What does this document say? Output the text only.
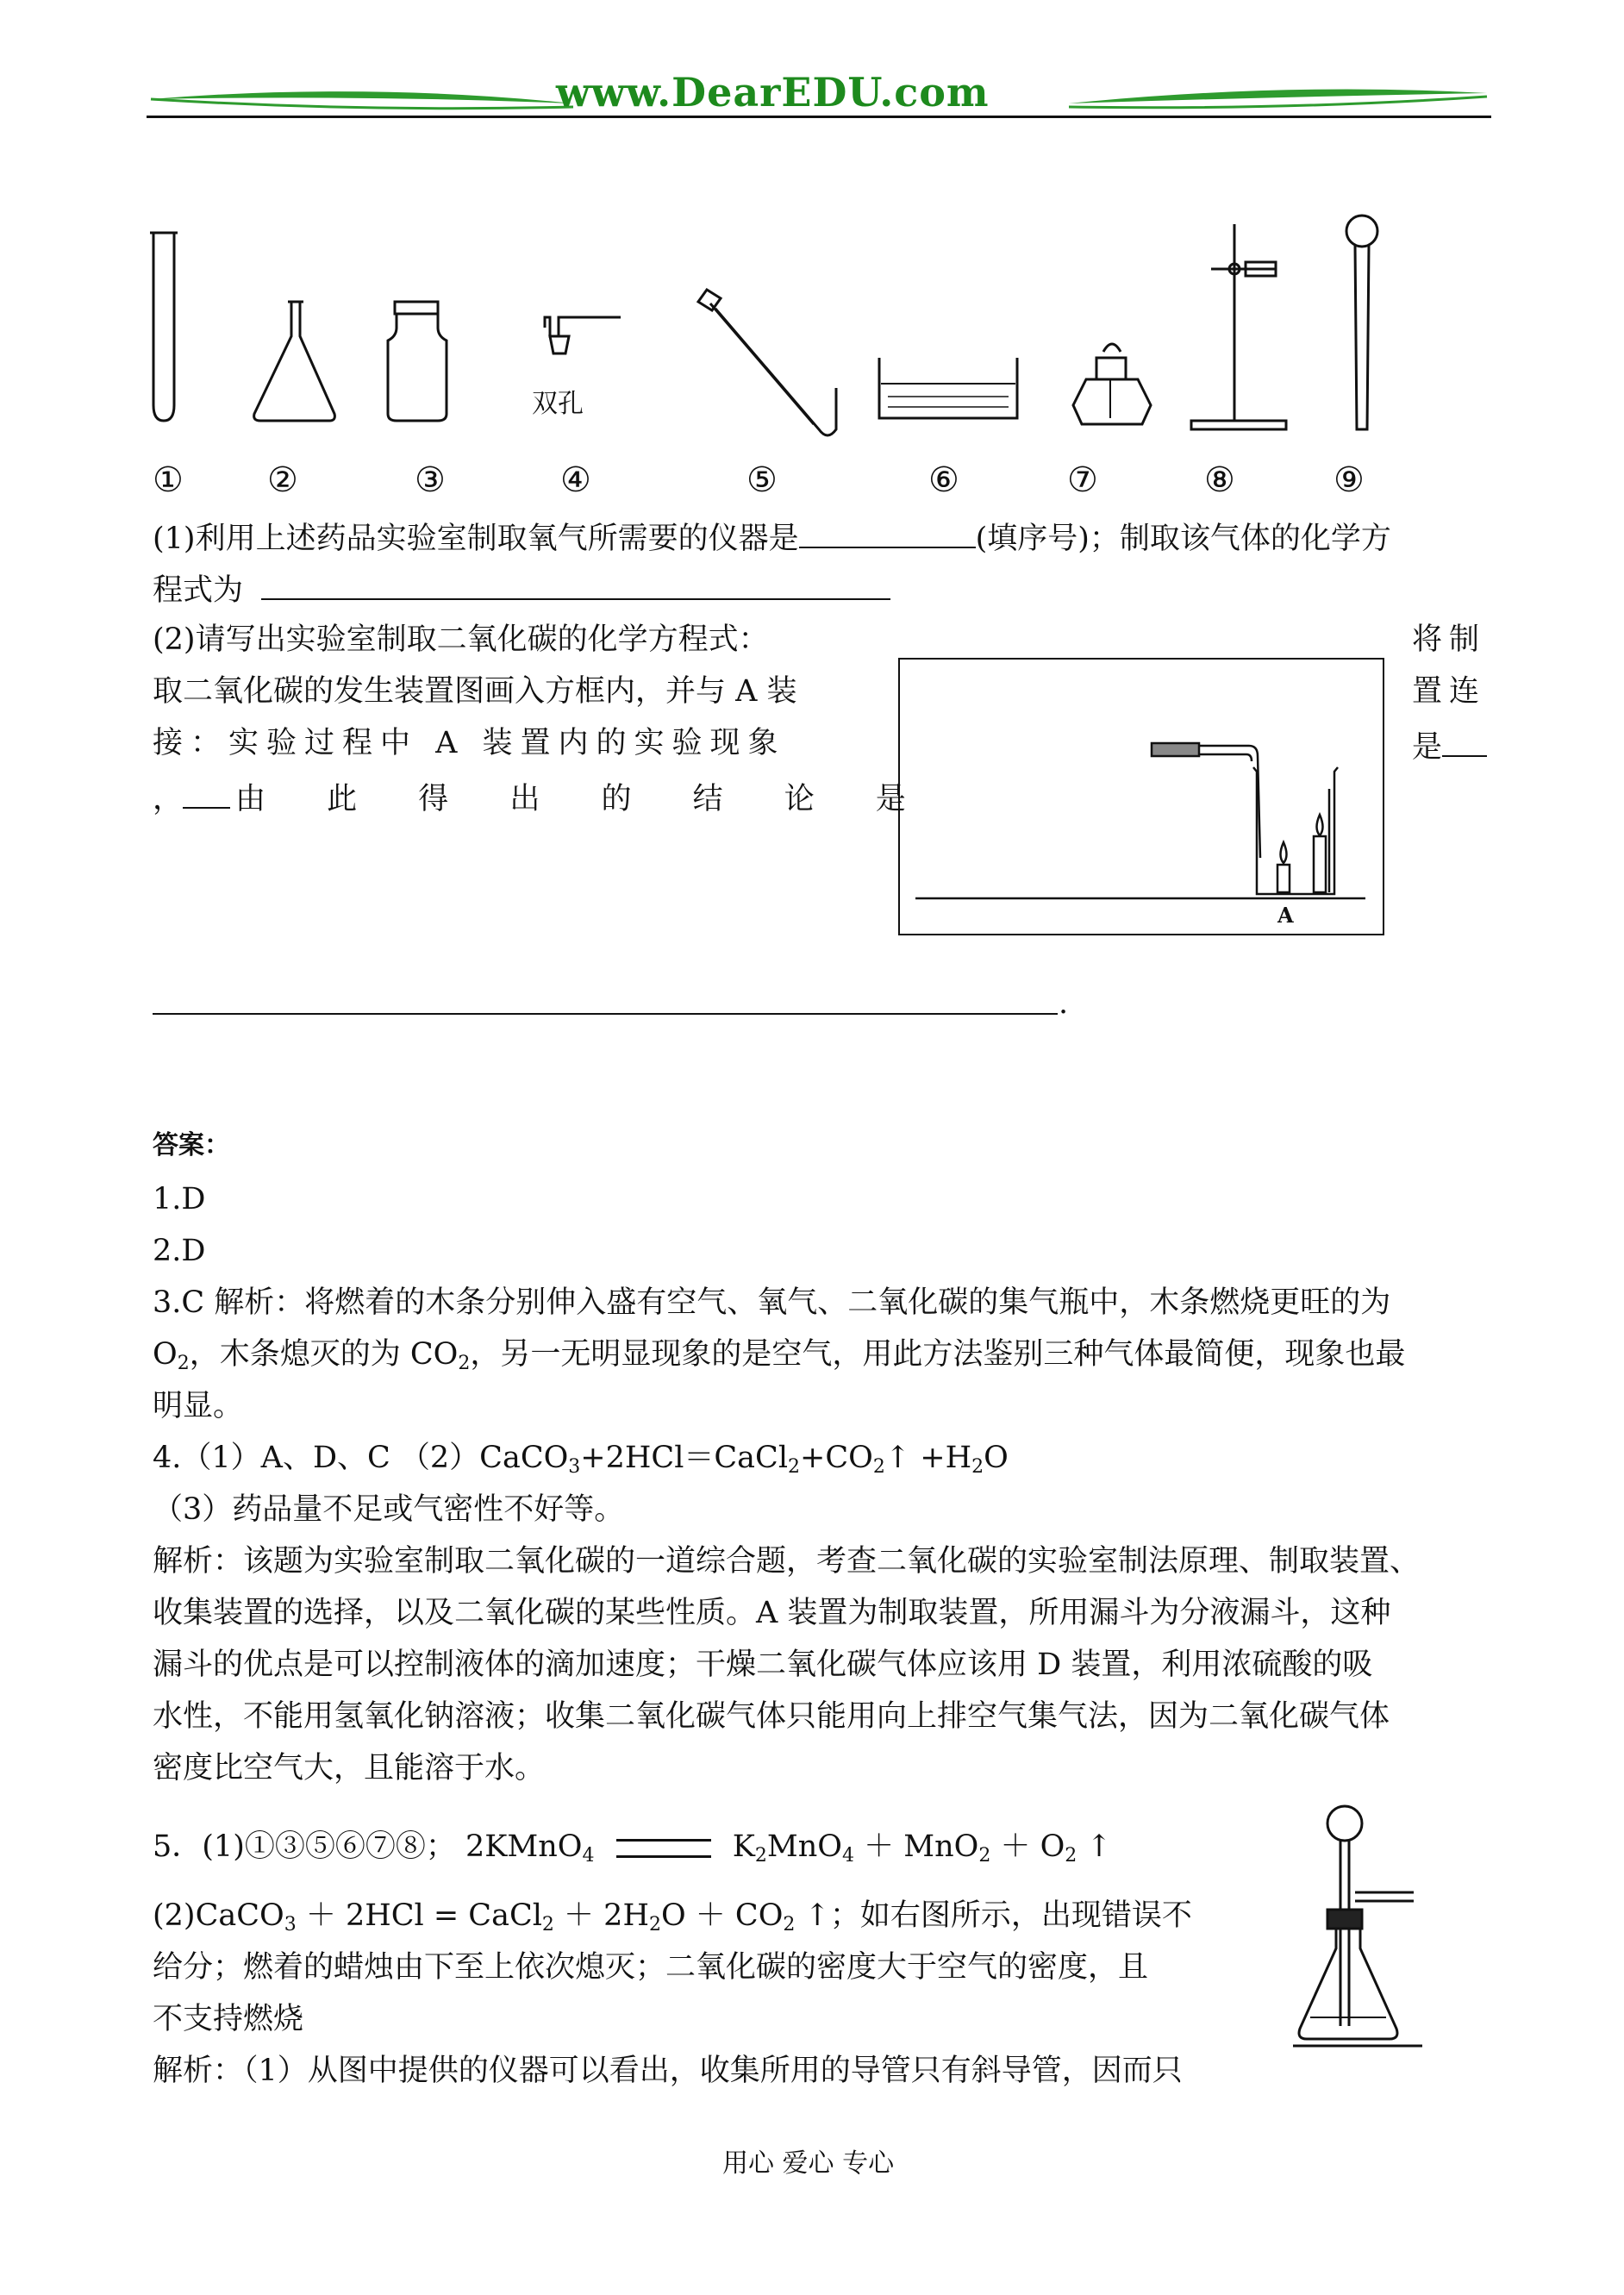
www.DearEDU.com
双孔
① ②	③	④	⑤	⑥	⑦	⑧	⑨
(1)利用上述药品实验室制取氧气所需要的仪器是	(填序号)；制取该气体的化学方
程式为
(2)请写出实验室制取二氧化碳的化学方程式：
取二氧化碳的发生装置图画入方框内，并与 A 装
接：实验过程中 A 装置内的实验现象
， 由 此 得 出 的 结 论 是
将制
置连
是
A
.
答案：
1.D
2.D
3.C 解析：将燃着的木条分别伸入盛有空气、氧气、二氧化碳的集气瓶中，木条燃烧更旺的为
$O_2$，木条熄灭的为 $CO_2$，另一无明显现象的是空气，用此方法鉴别三种气体最简便，现象也最
明显。
4.（1）A、D、C $(2)CaCO_3+2HCl=CaCl_2+CO_2↑ +H_2O$
（3）药品量不足或气密性不好等。
解析：该题为实验室制取二氧化碳的一道综合题，考查二氧化碳的实验室制法原理、制取装置、
收集装置的选择，以及二氧化碳的某些性质。A 装置为制取装置，所用漏斗为分液漏斗，这种
漏斗的优点是可以控制液体的滴加速度；干燥二氧化碳气体应该用 D 装置，利用浓硫酸的吸
水性，不能用氢氧化钠溶液；收集二氧化碳气体只能用向上排空气集气法，因为二氧化碳气体
密度比空气大，且能溶于水。
5．(1)①③⑤⑥⑦⑧； 2KMnO$_4$	$K_2MnO_4 + MnO_2 + O_2$ ↑
(2)CaCO$_3$ ＋ 2HCl = CaCl$_2$ ＋ $2H_2O + CO_2$ ↑；如右图所示，出现错误不
给分；燃着的蜡烛由下至上依次熄灭；二氧化碳的密度大于空气的密度，且
不支持燃烧
解析：（1）从图中提供的仪器可以看出，收集所用的导管只有斜导管，因而只
用心 爱心 专心
